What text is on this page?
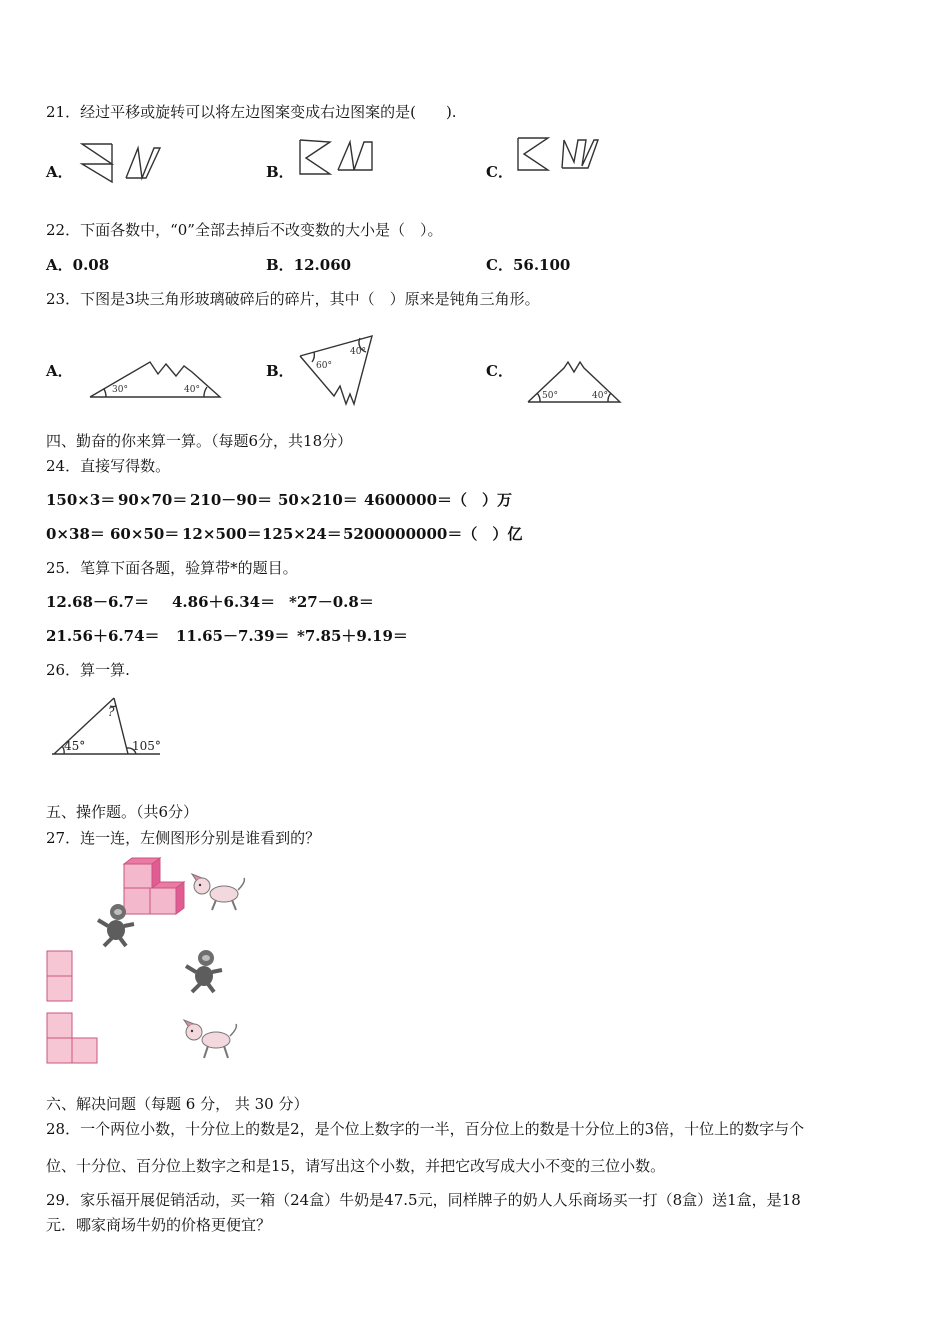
21．经过平移或旋转可以将左边图案变成右边图案的是(　　).
A．	B．	C．
22．下面各数中，“0”全部去掉后不改变数的大小是（　）。
A．0.08	B．12.060	C．56.100
23．下图是3块三角形玻璃破碎后的碎片，其中（　）原来是钝角三角形。
A．	B．	C．
30°	40°
60°
40°
50°	40°
四、勤奋的你来算一算。（每题6分，共18分）
24．直接写得数。
150×3＝ 90×70＝ 210－90＝ 50×210＝ 4600000＝（　）万
0×38＝ 60×50＝ 12×500＝ 125×24＝ 5200000000＝（　）亿
25．笔算下面各题，验算带*的题目。
12.68－6.7＝ 4.86＋6.34＝ *27－0.8＝
21.56＋6.74＝ 11.65－7.39＝ *7.85＋9.19＝
26．算一算.
45°	105°
?
五、操作题。（共6分）
27．连一连，左侧图形分别是谁看到的？
六、解决问题（每题 6 分， 共 30 分）
28．一个两位小数，十分位上的数是2，是个位上数字的一半，百分位上的数是十分位上的3倍，十位上的数字与个
位、十分位、百分位上数字之和是15，请写出这个小数，并把它改写成大小不变的三位小数。
29．家乐福开展促销活动，买一箱（24盒）牛奶是47.5元，同样牌子的奶人人乐商场买一打（8盒）送1盒，是18
元．哪家商场牛奶的价格更便宜？
